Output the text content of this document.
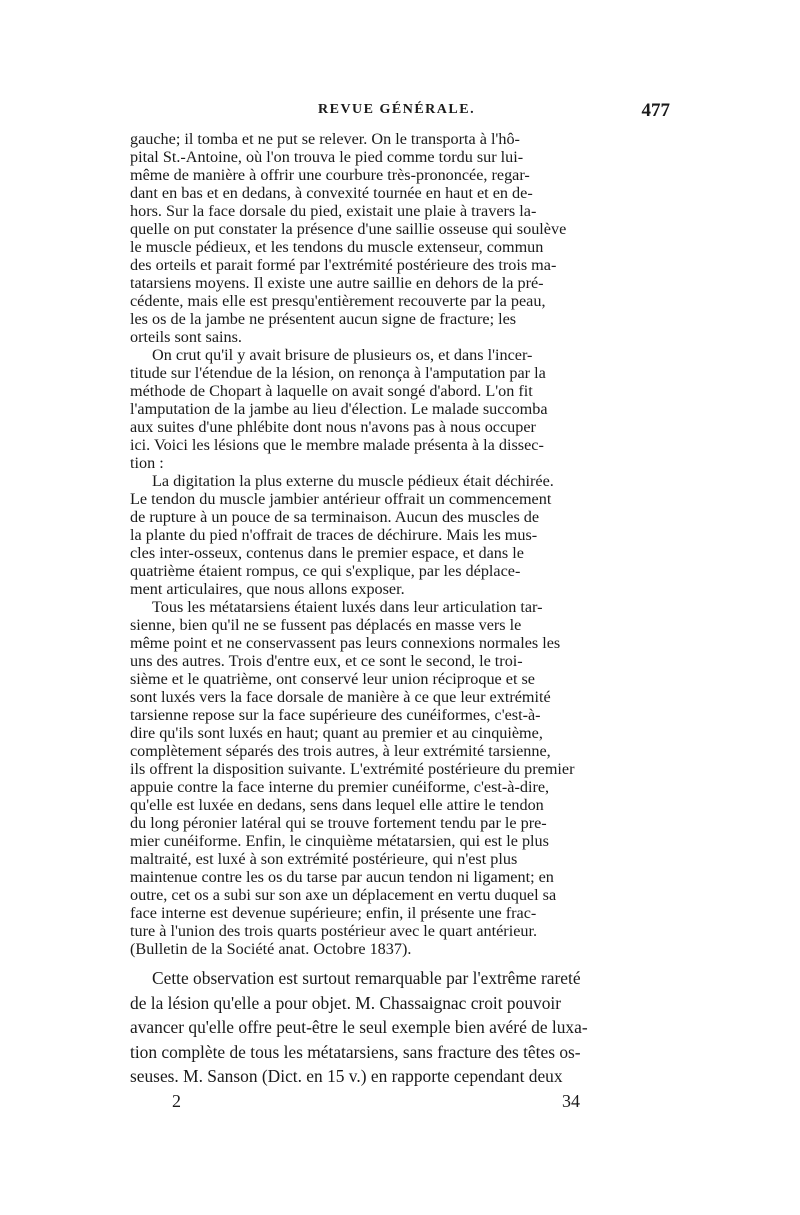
REVUE GÉNÉRALE.	477
gauche; il tomba et ne put se relever. On le transporta à l'hô-
pital St.-Antoine, où l'on trouva le pied comme tordu sur lui-
même de manière à offrir une courbure très-prononcée, regar-
dant en bas et en dedans, à convexité tournée en haut et en de-
hors. Sur la face dorsale du pied, existait une plaie à travers la-
quelle on put constater la présence d'une saillie osseuse qui soulève
le muscle pédieux, et les tendons du muscle extenseur, commun
des orteils et parait formé par l'extrémité postérieure des trois ma-
tatarsiens moyens. Il existe une autre saillie en dehors de la pré-
cédente, mais elle est presqu'entièrement recouverte par la peau,
les os de la jambe ne présentent aucun signe de fracture; les
orteils sont sains.
On crut qu'il y avait brisure de plusieurs os, et dans l'incer-
titude sur l'étendue de la lésion, on renonça à l'amputation par la
méthode de Chopart à laquelle on avait songé d'abord. L'on fit
l'amputation de la jambe au lieu d'élection. Le malade succomba
aux suites d'une phlébite dont nous n'avons pas à nous occuper
ici. Voici les lésions que le membre malade présenta à la dissec-
tion :
La digitation la plus externe du muscle pédieux était déchirée.
Le tendon du muscle jambier antérieur offrait un commencement
de rupture à un pouce de sa terminaison. Aucun des muscles de
la plante du pied n'offrait de traces de déchirure. Mais les mus-
cles inter-osseux, contenus dans le premier espace, et dans le
quatrième étaient rompus, ce qui s'explique, par les déplace-
ment articulaires, que nous allons exposer.
Tous les métatarsiens étaient luxés dans leur articulation tar-
sienne, bien qu'il ne se fussent pas déplacés en masse vers le
même point et ne conservassent pas leurs connexions normales les
uns des autres. Trois d'entre eux, et ce sont le second, le troi-
sième et le quatrième, ont conservé leur union réciproque et se
sont luxés vers la face dorsale de manière à ce que leur extrémité
tarsienne repose sur la face supérieure des cunéiformes, c'est-à-
dire qu'ils sont luxés en haut; quant au premier et au cinquième,
complètement séparés des trois autres, à leur extrémité tarsienne,
ils offrent la disposition suivante. L'extrémité postérieure du premier
appuie contre la face interne du premier cunéiforme, c'est-à-dire,
qu'elle est luxée en dedans, sens dans lequel elle attire le tendon
du long péronier latéral qui se trouve fortement tendu par le pre-
mier cunéiforme. Enfin, le cinquième métatarsien, qui est le plus
maltraité, est luxé à son extrémité postérieure, qui n'est plus
maintenue contre les os du tarse par aucun tendon ni ligament; en
outre, cet os a subi sur son axe un déplacement en vertu duquel sa
face interne est devenue supérieure; enfin, il présente une frac-
ture à l'union des trois quarts postérieur avec le quart antérieur.
(Bulletin de la Société anat. Octobre 1837).
Cette observation est surtout remarquable par l'extrême rareté
de la lésion qu'elle a pour objet. M. Chassaignac croit pouvoir
avancer qu'elle offre peut-être le seul exemple bien avéré de luxa-
tion complète de tous les métatarsiens, sans fracture des têtes os-
seuses. M. Sanson (Dict. en 15 v.) en rapporte cependant deux
2	34
